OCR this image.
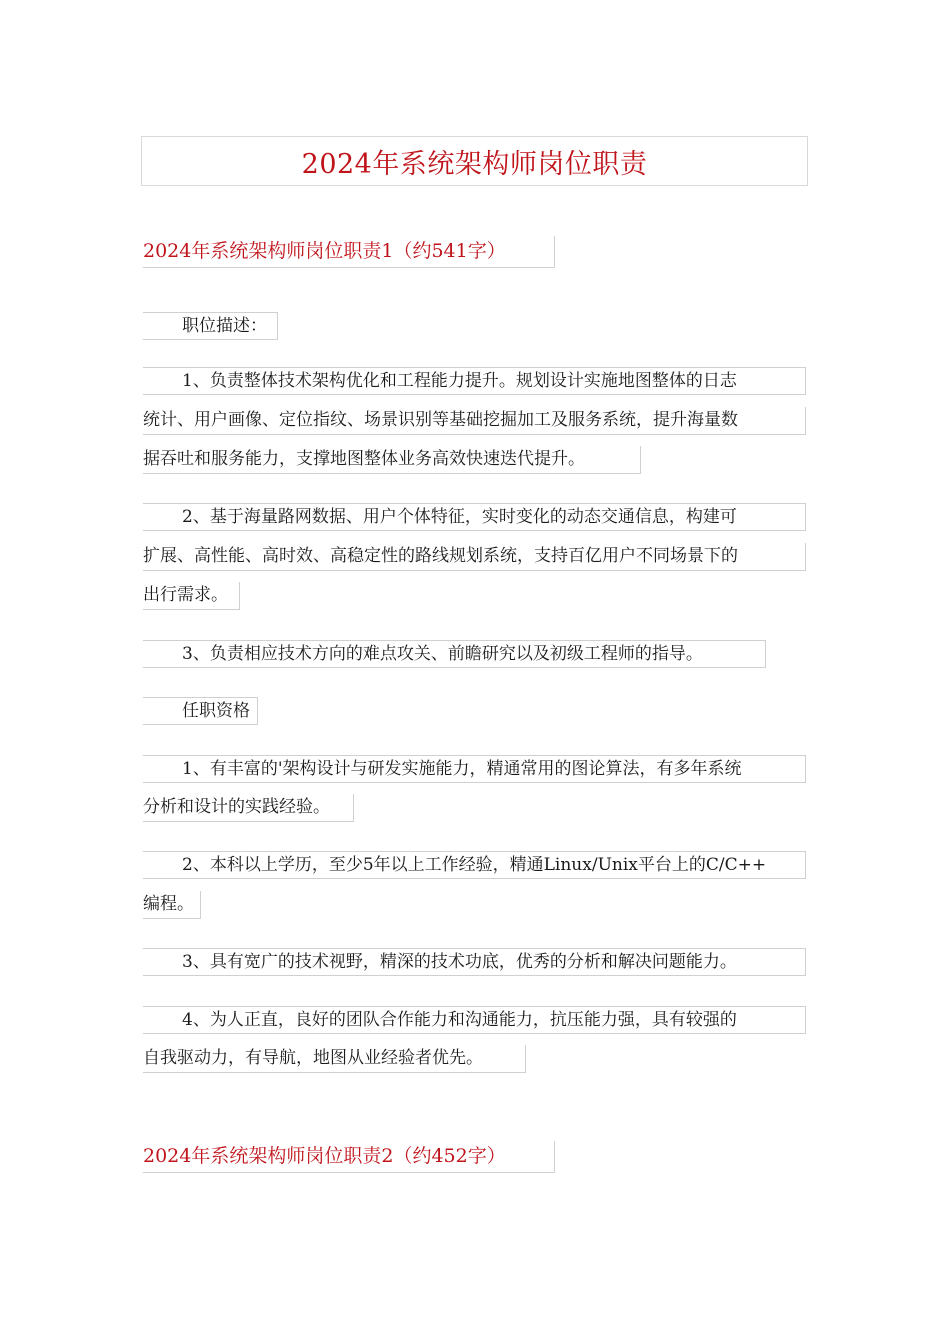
2024年系统架构师岗位职责
2024年系统架构师岗位职责1（约541字）
职位描述：
1、负责整体技术架构优化和工程能力提升。规划设计实施地图整体的日志
统计、用户画像、定位指纹、场景识别等基础挖掘加工及服务系统，提升海量数
据吞吐和服务能力，支撑地图整体业务高效快速迭代提升。
2、基于海量路网数据、用户个体特征，实时变化的动态交通信息，构建可
扩展、高性能、高时效、高稳定性的路线规划系统，支持百亿用户不同场景下的
出行需求。
3、负责相应技术方向的难点攻关、前瞻研究以及初级工程师的指导。
任职资格
1、有丰富的'架构设计与研发实施能力，精通常用的图论算法，有多年系统
分析和设计的实践经验。
2、本科以上学历，至少5年以上工作经验，精通Linux/Unix平台上的C/C++
编程。
3、具有宽广的技术视野，精深的技术功底，优秀的分析和解决问题能力。
4、为人正直，良好的团队合作能力和沟通能力，抗压能力强，具有较强的
自我驱动力，有导航，地图从业经验者优先。
2024年系统架构师岗位职责2（约452字）
